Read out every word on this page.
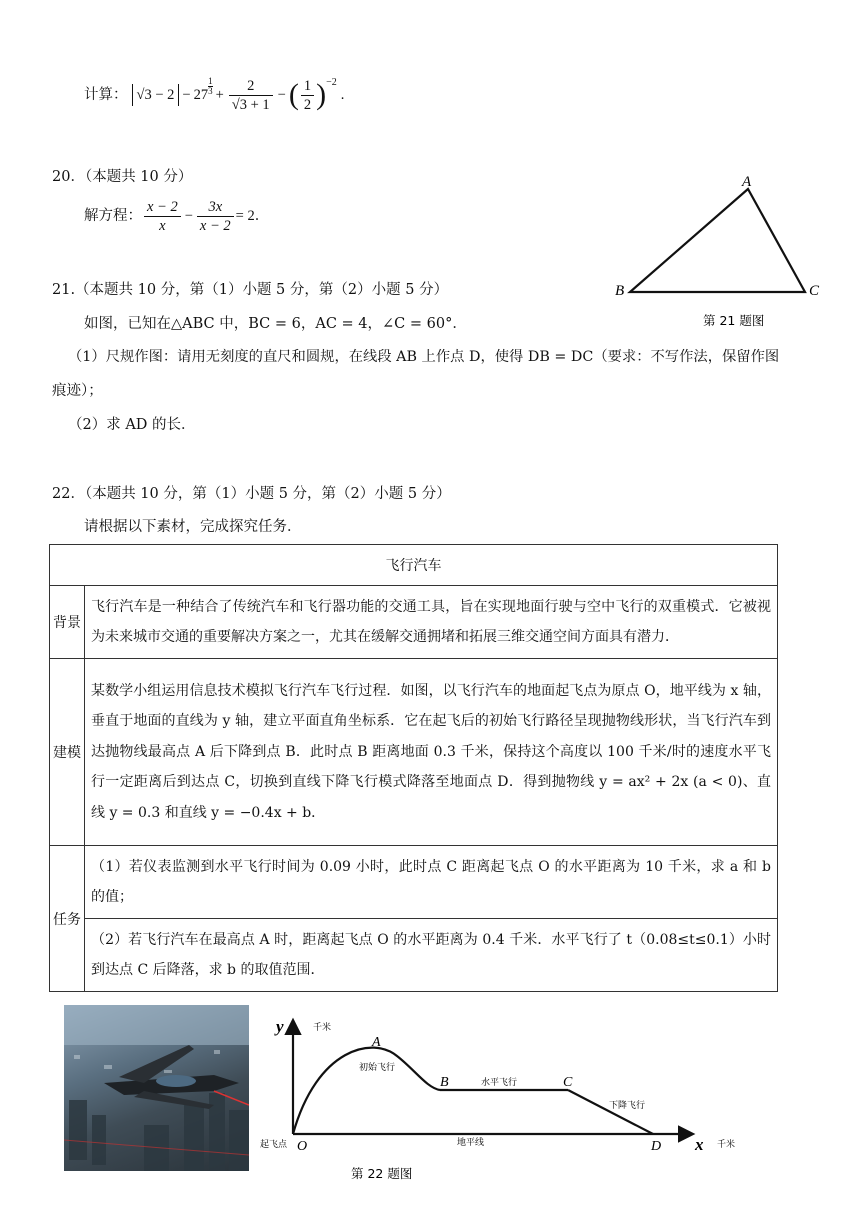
计算： $√3 - 2 - 27 \frac{1}{3} + \frac{2}{√3 + 1}$ − ( $\frac{1}{2}$ ) −2
.
20．（本题共 10 分）
解方程： $\frac{x - 2}{x} - \frac{3x}{x - 2} = 2$．
A
B	C
第 21 题图
21.（本题共 10 分，第（1）小题 5 分，第（2）小题 5 分）
如图，已知在△ABC 中，BC = 6，AC = 4，∠C = 60°．
（1）尺规作图：请用无刻度的直尺和圆规，在线段 AB 上作点 D，使得 DB = DC（要求：不写作法，保留作图
痕迹）；
（2）求 AD 的长．
22．（本题共 10 分，第（1）小题 5 分，第（2）小题 5 分）
请根据以下素材，完成探究任务．
飞行汽车	
背景	飞行汽车是一种结合了传统汽车和飞行器功能的交通工具，旨在实现地面行驶与空中飞行的双重模式．它被视为未来城市交通的重要解决方案之一，尤其在缓解交通拥堵和拓展三维交通空间方面具有潜力．
建模	某数学小组运用信息技术模拟飞行汽车飞行过程．如图，以飞行汽车的地面起飞点为原点 O，地平线为 x 轴，垂直于地面的直线为 y 轴，建立平面直角坐标系．它在起飞后的初始飞行路径呈现抛物线形状，当飞行汽车到达抛物线最高点 A 后下降到点 B．此时点 B 距离地面 0.3 千米，保持这个高度以 100 千米/时的速度水平飞行一定距离后到达点 C，切换到直线下降飞行模式降落至地面点 D．得到抛物线 y = ax² + 2x (a < 0)、直线 y = 0.3 和直线 y = −0.4x + b．
任务	（1）若仪表监测到水平飞行时间为 0.09 小时，此时点 C 距离起飞点 O 的水平距离为 10 千米，求 a 和 b 的值；
	（2）若飞行汽车在最高点 A 时，距离起飞点 O 的水平距离为 0.4 千米．水平飞行了 t（0.08≤t≤0.1）小时到达点 C 后降落，求 b 的取值范围．
y	千米
A
初始飞行
B	水平飞行	C
下降飞行
D
O
起飞点	地平线	x 千米
第 22 题图
